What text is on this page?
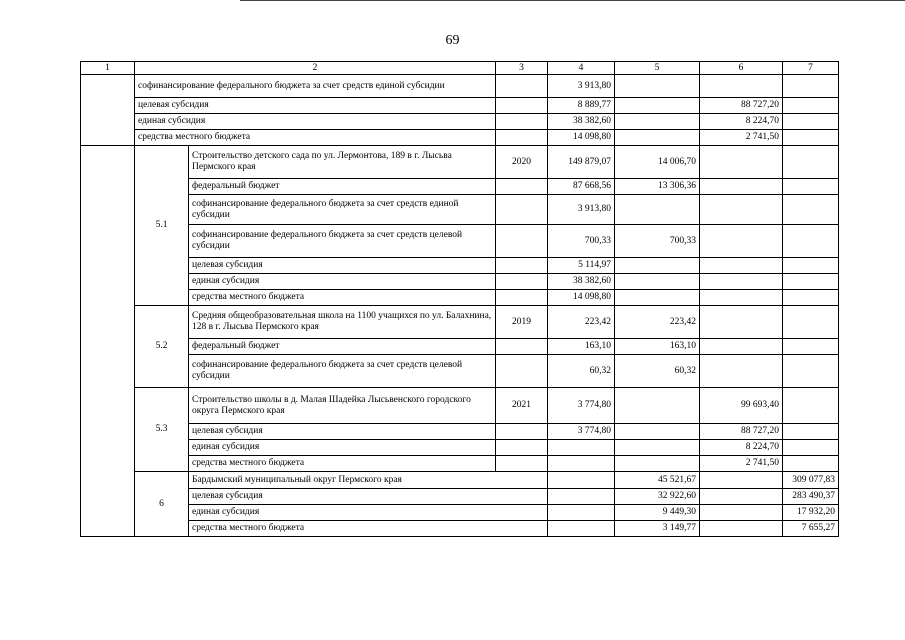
69
1	2		3	4	5	6	7	
	софинансирование федерального бюджета за счет средств единой субсидии			3 913,80				
	целевая субсидия			8 889,77		88 727,20		
	единая субсидия			38 382,60		8 224,70		
	средства местного бюджета			14 098,80		2 741,50		
	5.1	Строительство детского сада по ул. Лермонтова, 189 в г. Лысьва Пермского края	2020	149 879,07	14 006,70			
		федеральный бюджет		87 668,56	13 306,36			
		софинансирование федерального бюджета за счет средств единой субсидии		3 913,80				
		софинансирование федерального бюджета за счет средств целевой субсидии		700,33	700,33			
		целевая субсидия		5 114,97				
		единая субсидия		38 382,60				
		средства местного бюджета		14 098,80				
	5.2	Средняя общеобразовательная школа на 1100 учащихся по ул. Балахнина, 128 в г. Лысьва Пермского края	2019	223,42	223,42			
		федеральный бюджет		163,10	163,10			
		софинансирование федерального бюджета за счет средств целевой субсидии		60,32	60,32			
	5.3	Строительство школы в д. Малая Шадейка Лысьвенского городского округа Пермского края	2021	3 774,80		99 693,40		
		целевая субсидия		3 774,80		88 727,20		
		единая субсидия				8 224,70		
		средства местного бюджета				2 741,50		
	6	Бардымский муниципальный округ Пермского края			45 521,67		309 077,83	
		целевая субсидия			32 922,60		283 490,37	
		единая субсидия			9 449,30		17 932,20	
		средства местного бюджета			3 149,77		7 655,27	
